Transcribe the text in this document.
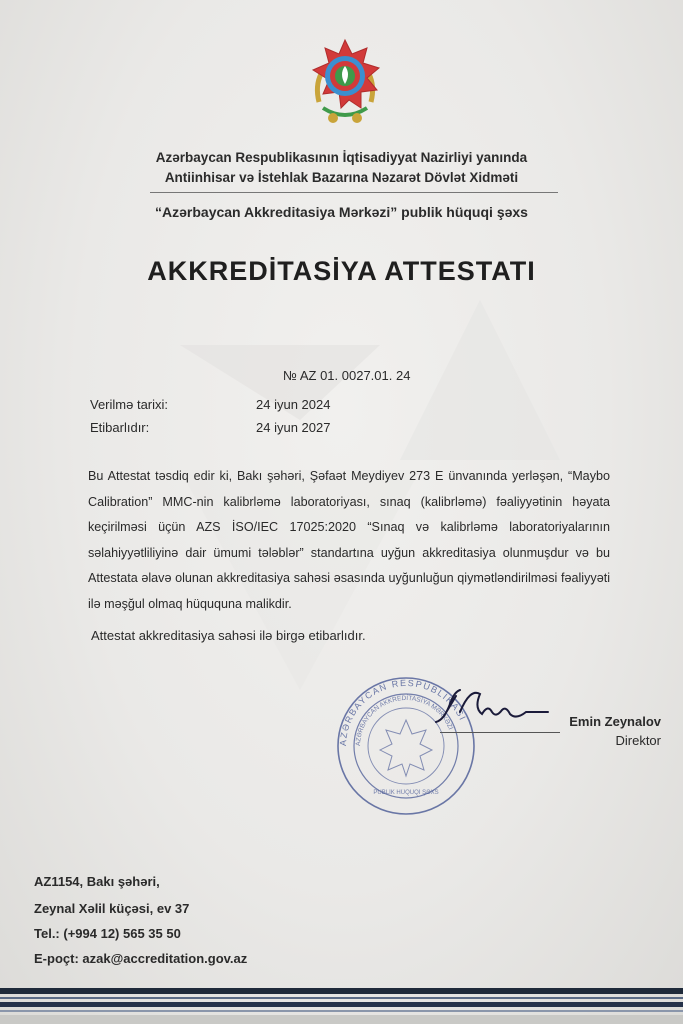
Azərbaycan Respublikasının İqtisadiyyat Nazirliyi yanında
Antiinhisar və İstehlak Bazarına Nəzarət Dövlət Xidməti
“Azərbaycan Akkreditasiya Mərkəzi” publik hüquqi şəxs
AKKREDİTASİYA ATTESTATI
№ AZ 01. 0027.01. 24
Verilmə tarixi:	24 iyun 2024
Etibarlıdır:	24 iyun 2027
Bu Attestat təsdiq edir ki, Bakı şəhəri, Şəfaət Meydiyev 273 E ünvanında yerləşən, “Maybo Calibration” MMC-nin kalibrləmə laboratoriyası, sınaq (kalibrləmə) fəaliyyətinin həyata keçirilməsi üçün AZS İSO/IEC 17025:2020 “Sınaq və kalibrləmə laboratoriyalarının səlahiyyətliliyinə dair ümumi tələblər” standartına uyğun akkreditasiya olunmuşdur və bu Attestata əlavə olunan akkreditasiya sahəsi əsasında uyğunluğun qiymətləndirilməsi fəaliyyəti ilə məşğul olmaq hüququna malikdir.
Attestat akkreditasiya sahəsi ilə birgə etibarlıdır.
AZƏRBAYCAN RESPUBLİKASI
AZƏRBAYCAN AKKREDİTASİYA MƏRKƏZİ
PUBLİK HÜQUQİ ŞƏXS
Emin Zeynalov
Direktor
AZ1154, Bakı şəhəri,
Zeynal Xəlil küçəsi, ev 37
Tel.: (+994 12) 565 35 50
E-poçt: azak@accreditation.gov.az
